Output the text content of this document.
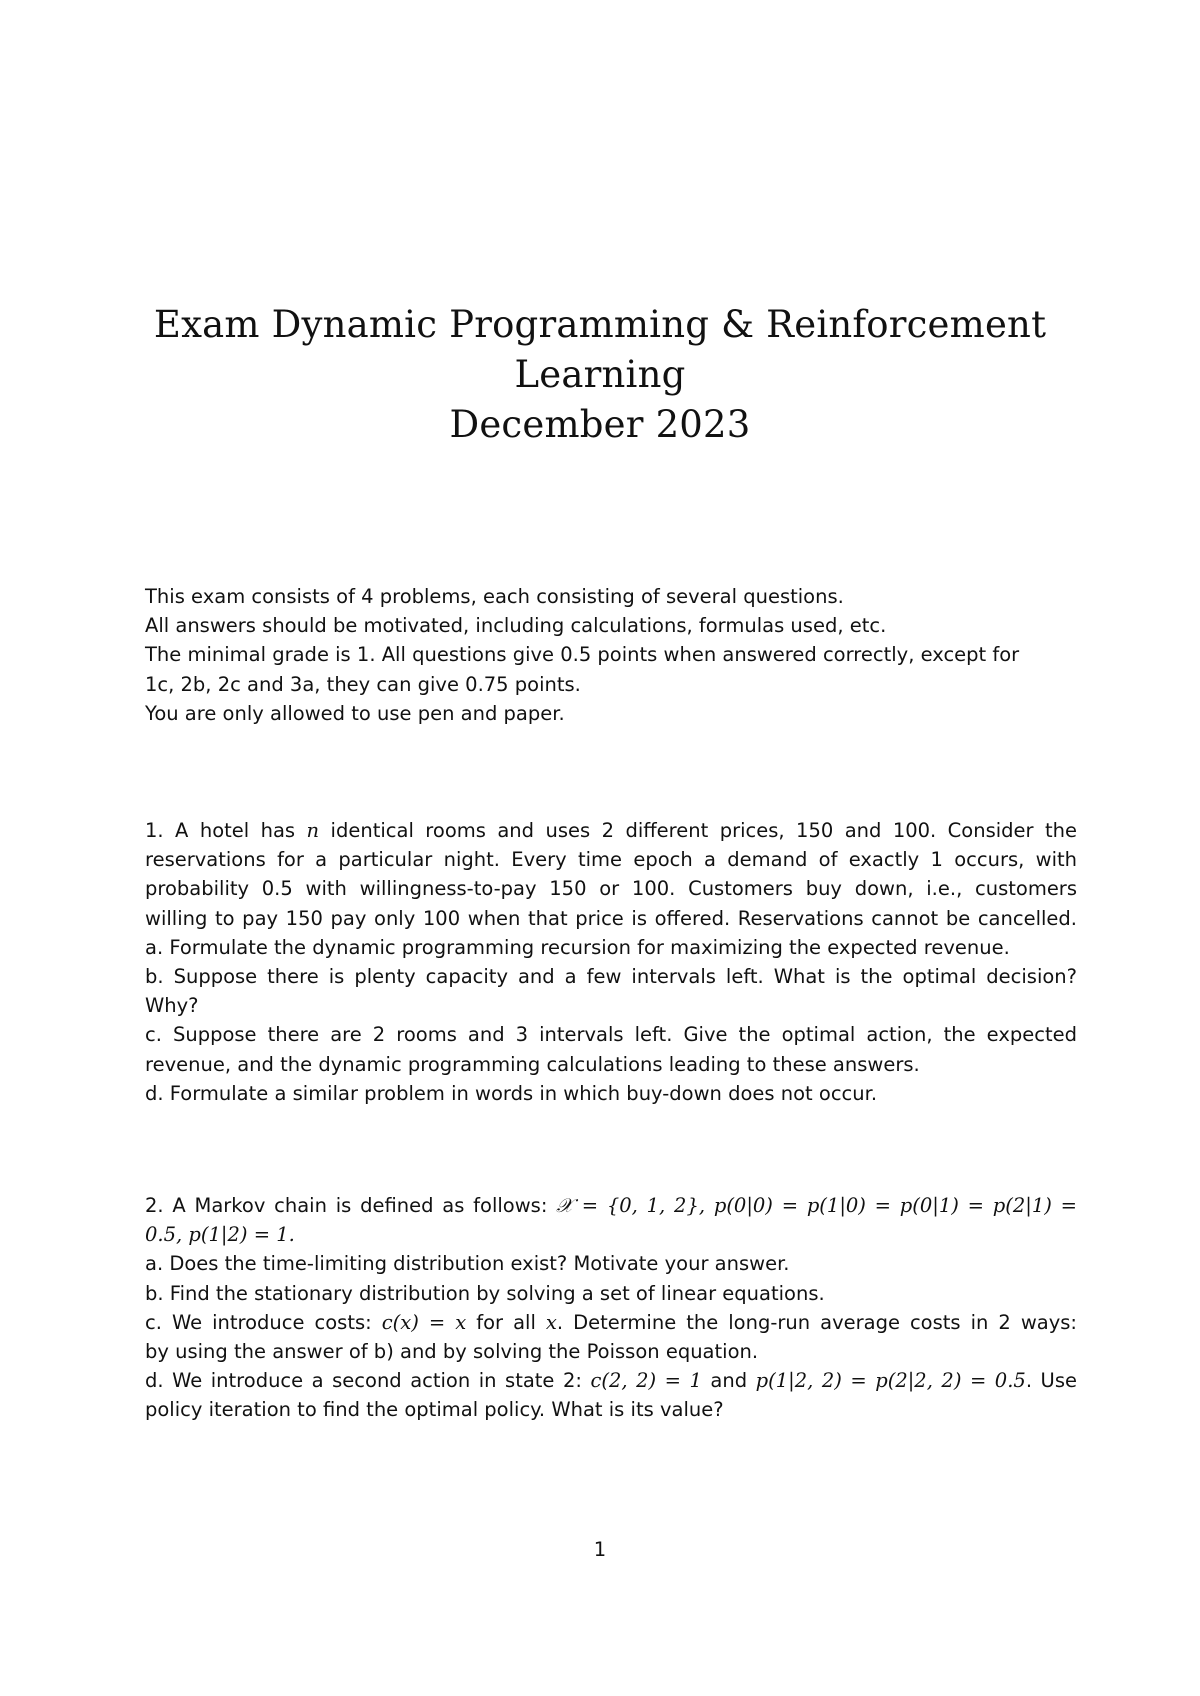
Exam Dynamic Programming & Reinforcement
Learning
December 2023
This exam consists of 4 problems, each consisting of several questions.
All answers should be motivated, including calculations, formulas used, etc.
The minimal grade is 1. All questions give 0.5 points when answered correctly, except for
1c, 2b, 2c and 3a, they can give 0.75 points.
You are only allowed to use pen and paper.
1. A hotel has n identical rooms and uses 2 different prices, 150 and 100. Consider the
reservations for a particular night. Every time epoch a demand of exactly 1 occurs, with
probability 0.5 with willingness-to-pay 150 or 100. Customers buy down, i.e., customers
willing to pay 150 pay only 100 when that price is offered. Reservations cannot be cancelled.
a. Formulate the dynamic programming recursion for maximizing the expected revenue.
b. Suppose there is plenty capacity and a few intervals left. What is the optimal decision?
Why?
c. Suppose there are 2 rooms and 3 intervals left. Give the optimal action, the expected
revenue, and the dynamic programming calculations leading to these answers.
d. Formulate a similar problem in words in which buy-down does not occur.
2. A Markov chain is defined as follows: 𝒳 = {0, 1, 2}, p(0|0) = p(1|0) = p(0|1) = p(2|1) =
0.5, p(1|2) = 1.
a. Does the time-limiting distribution exist? Motivate your answer.
b. Find the stationary distribution by solving a set of linear equations.
c. We introduce costs: c(x) = x for all x. Determine the long-run average costs in 2 ways:
by using the answer of b) and by solving the Poisson equation.
d. We introduce a second action in state 2: c(2, 2) = 1 and p(1|2, 2) = p(2|2, 2) = 0.5. Use
policy iteration to find the optimal policy. What is its value?
1
